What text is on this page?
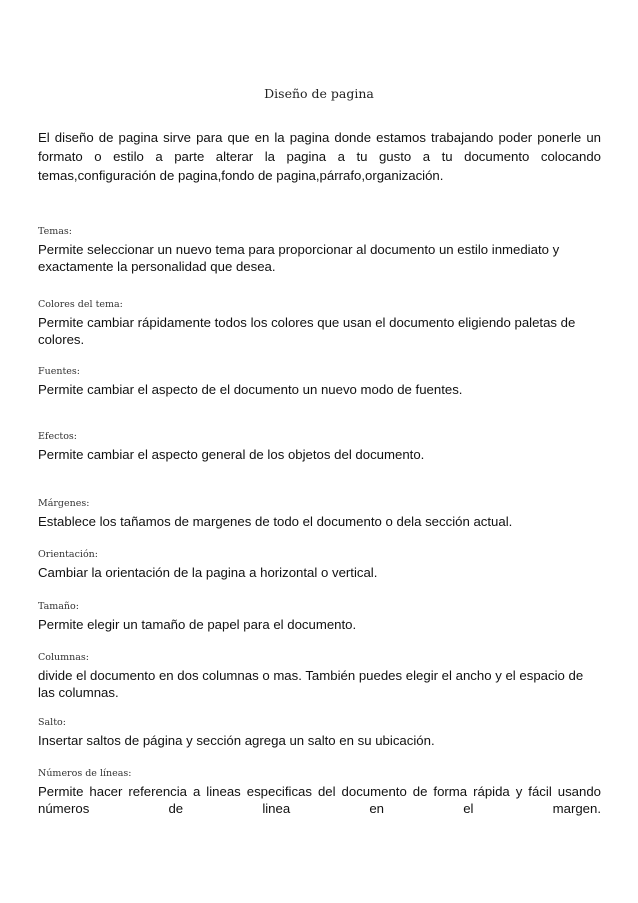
Diseño de pagina
El diseño de pagina sirve para que en la pagina donde estamos trabajando poder ponerle un formato o estilo a parte alterar la pagina a tu gusto a tu documento colocando temas,configuración de pagina,fondo de pagina,párrafo,organización.
Temas:
Permite seleccionar un nuevo tema para proporcionar al documento un estilo inmediato y exactamente la personalidad que desea.
Colores del tema:
Permite cambiar rápidamente todos los colores que usan el documento eligiendo paletas de colores.
Fuentes:
Permite cambiar el aspecto de el documento un nuevo modo de fuentes.
Efectos:
Permite cambiar el aspecto general de los objetos del documento.
Márgenes:
Establece los tañamos de margenes de todo el documento o dela sección actual.
Orientación:
Cambiar la orientación de la pagina a horizontal o vertical.
Tamaño:
Permite elegir un tamaño de papel para el documento.
Columnas:
divide el documento en dos columnas o mas. También puedes elegir el ancho y el espacio de las columnas.
Salto:
Insertar saltos de página y sección agrega un salto en su ubicación.
Números de líneas:
Permite hacer referencia a lineas especificas del documento de forma rápida y fácil usando números de linea en el margen.
